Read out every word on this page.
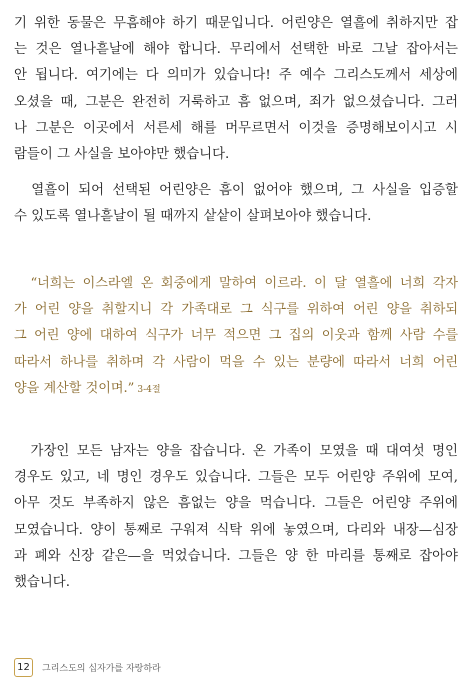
기 위한 동물은 무흠해야 하기 때문입니다. 어린양은 열흘에 취하지만 잡
는 것은 열나흗날에 해야 합니다. 무리에서 선택한 바로 그날 잡아서는
안 됩니다. 여기에는 다 의미가 있습니다! 주 예수 그리스도께서 세상에
오셨을 때, 그분은 완전히 거룩하고 흠 없으며, 죄가 없으셨습니다. 그러
나 그분은 이곳에서 서른세 해를 머무르면서 이것을 증명해보이시고 시
람들이 그 사실을 보아야만 했습니다.
　열흘이 되어 선택된 어린양은 흠이 없어야 했으며, 그 사실을 입증할
수 있도록 열나흗날이 될 때까지 샅샅이 살펴보아야 했습니다.
　“너희는 이스라엘 온 회중에게 말하여 이르라. 이 달 열흘에 너희 각자
가 어린 양을 취할지니 각 가족대로 그 식구를 위하여 어린 양을 취하되
그 어린 양에 대하여 식구가 너무 적으면 그 집의 이웃과 함께 사람 수를
따라서 하나를 취하며 각 사람이 먹을 수 있는 분량에 따라서 너희 어린
양을 계산할 것이며.” 3-4절
　가장인 모든 남자는 양을 잡습니다. 온 가족이 모였을 때 대여섯 명인
경우도 있고, 네 명인 경우도 있습니다. 그들은 모두 어린양 주위에 모여,
아무 것도 부족하지 않은 흠없는 양을 먹습니다. 그들은 어린양 주위에
모였습니다. 양이 통째로 구워져 식탁 위에 놓였으며, 다리와 내장—심장
과 폐와 신장 같은—을 먹었습니다. 그들은 양 한 마리를 통째로 잡아야
했습니다.
12	그리스도의 십자가를 자랑하라
